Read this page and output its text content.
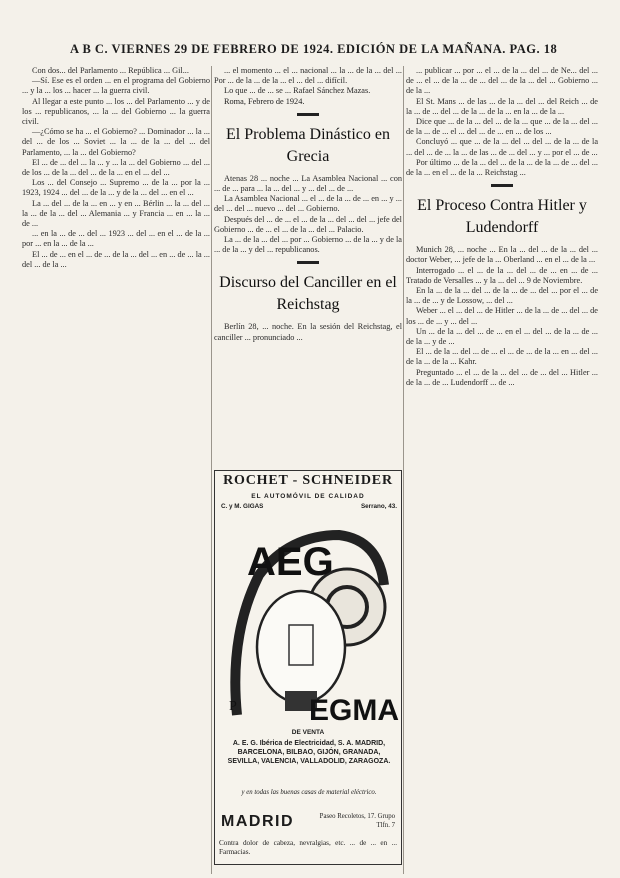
A B C. VIERNES 29 DE FEBRERO DE 1924. EDICIÓN DE LA MAÑANA. PAG. 18

Con dos... del Parlamento ... República ... Gil...

—Sí. Ese es el orden ... en el programa del Gobierno ... y la ... los ... hacer ... la guerra civil.

Al llegar a este punto ... los ... del Parlamento ... y de los ... republicanos, ... la ... del Gobierno ... la guerra civil.

—¿Cómo se ha ... el Gobierno? ... Dominador ... la ... del ... de los ... Soviet ... la ... de la ... del ... del Parlamento, ... la ... del Gobierno?

El ... de ... del ... la ... y ... la ... del Gobierno ... del ... de los ... de la ... del ... de la ... en el ... del ...

Los ... del Consejo ... Supremo ... de la ... por la ... 1923, 1924 ... del ... de la ... y de la ... del ... en el ...

La ... del ... de la ... en ... y en ... Bérlin ... la ... del ... la ... de la ... del ... Alemania ... y Francia ... en ... la ... de ...

... en la ... de ... del ... 1923 ... del ... en el ... de la ... por ... en la ... de la ...

El ... de ... en el ... de ... de la ... del ... en ... de ... la ... del ... de la ...

... el momento ... el ... nacional ... la ... de la ... del ... Por ... de la ... de la ... el ... del ... difícil.

Lo que ... de ... se ... Rafael Sánchez Mazas.

Roma, Febrero de 1924.

El Problema Dinástico en Grecia

Atenas 28 ... noche ... La Asamblea Nacional ... con ... de ... para ... la ... del ... y ... del ... de ...

La Asamblea Nacional ... el ... de la ... de ... en ... y ... del ... del ... nuevo ... del ... Gobierno.

Después del ... de ... el ... de la ... del ... del ... jefe del Gobierno ... de ... el ... de la ... del ... Palacio.

La ... de la ... del ... por ... Gobierno ... de la ... y de la ... de la ... y del ... republicanos.

Discurso del Canciller en el Reichstag

Berlín 28, ... noche. En la sesión del Reichstag, el canciller ... pronunciado ...

ROCHET - SCHNEIDER
EL AUTOMÓVIL DE CALIDAD
C. y M. GIGAS	Serrano, 43.
AEG
EGMA
P
DE VENTA
A. E. G. Ibérica de Electricidad, S. A. MADRID, BARCELONA, BILBAO, GIJÓN, GRANADA, SEVILLA, VALENCIA, VALLADOLID, ZARAGOZA.
y en todas las buenas casas de material eléctrico.
MADRID	Paseo Recoletos, 17. Grupo Tlfn. 7
Contra dolor de cabeza, nevralgias, etc. ... de ... en ... Farmacias.

... publicar ... por ... el ... de la ... del ... de Ne... del ... de ... el ... de la ... de ... del ... de la ... del ... Gobierno ... de la ...

El St. Mans ... de las ... de la ... del ... del Reich ... de la ... de ... del ... de la ... de la ... en la ... de la ...

Dice que ... de la ... del ... de la ... que ... de la ... del ... de la ... de ... el ... del ... de ... en ... de los ...

Concluyó ... que ... de la ... del ... del ... de la ... de la ... del ... de ... la ... de las ... de ... del ... y ... por el ... de ...

Por último ... de la ... del ... de la ... de la ... de ... del ... de la ... en el ... de la ... Reichstag ...

El Proceso Contra Hitler y Ludendorff

Munich 28, ... noche ... En la ... del ... de la ... del ... doctor Weber, ... jefe de la ... Oberland ... en el ... de la ...

Interrogado ... el ... de la ... del ... de ... en ... de ... Tratado de Versalles ... y la ... del ... 9 de Noviembre.

En la ... de la ... del ... de la ... de ... del ... por el ... de la ... de ... y de Lossow, ... del ...

Weber ... el ... del ... de Hitler ... de la ... de ... del ... de los ... de ... y ... del ...

Un ... de la ... del ... de ... en el ... del ... de la ... de ... de la ... y de ...

El ... de la ... del ... de ... el ... de ... de la ... en ... del ... de la ... de la ... Kahr.

Preguntado ... el ... de la ... del ... de ... del ... Hitler ... de la ... de ... Ludendorff ... de ...
